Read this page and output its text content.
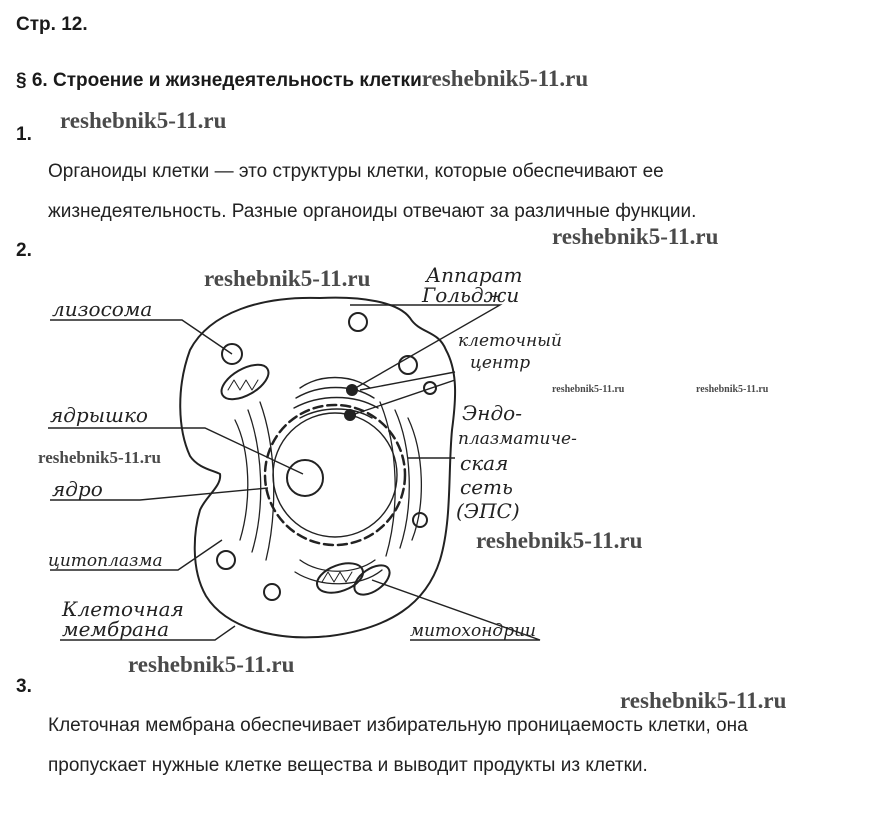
Стр. 12.
§ 6. Строение и жизнедеятельность клеткиreshebnik5-11.ru
1.
reshebnik5-11.ru
Органоиды клетки — это структуры клетки, которые обеспечивают ее
жизнедеятельность. Разные органоиды отвечают за различные функции.
2.
reshebnik5-11.ru
Аппарат
Гольджи
лизосома
клеточный
центр
ядрышко	Эндо-
плазматиче-
ская
сеть
(ЭПС)
ядро
цитоплазма
Клеточная
мембрана	митохондрии
reshebnik5-11.ru
reshebnik5-11.ru	reshebnik5-11.ru
reshebnik5-11.ru
reshebnik5-11.ru
reshebnik5-11.ru
3.
reshebnik5-11.ru
Клеточная мембрана обеспечивает избирательную проницаемость клетки, она
пропускает нужные клетке вещества и выводит продукты из клетки.
